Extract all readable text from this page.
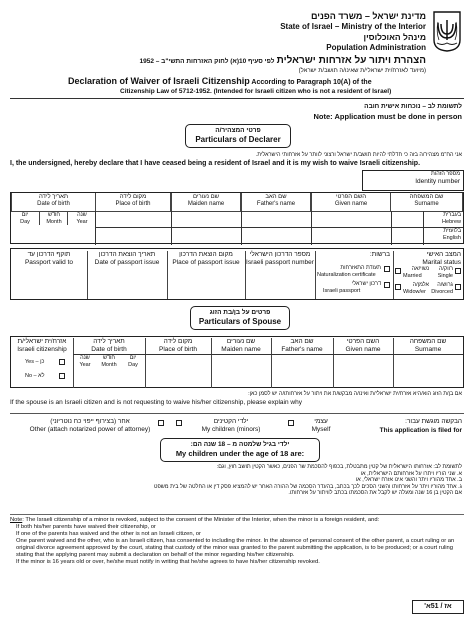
מדינת ישראל – משרד הפנים
State of Israel – Ministry of the Interior
מינהל האוכלוסין
Population Administration
הצהרת ויתור על אזרחות ישראלית לפי סעיף 10(א) לחוק האזרחות התשי"ב – 1952
(מיועד לאזרח/ית ישראלי/ת שאינו/ה תושב/ת ישראל)
Declaration of Waiver of Israeli Citizenship According to Paragraph 10(A) of the
Citizenship Law of 5712-1952. (Intended for Israeli citizen who is not a resident of Israel)
לתשומת לב – נוכחות אישית חובה
Note: Application must be done in person
פרטי המצהיר/ה
Particulars of Declarer
אני הח"מ מצהיר/ה בזה כי חדלתי להיות תושב/ת ישראל ורצוני לוותר על אזרחותי הישראלית.
I, the undersigned, hereby declare that I have ceased being a resident of Israel and it is my wish to waive Israeli citizenship.
מספר הזהות
Identity number
שם המשפחה
Surname
השם הפרטי
Given name
שם האב
Father's name
שם נעורים
Maiden name
מקום לידה
Place of birth
תאריך לידה
Date of birth
שנה
Year
חודש
Month
יום
Day
בעברית
Hebrew
בלועזית
English
תוקף הדרכון עד
Passport valid to
תאריך הוצאת הדרכון
Date of passport issue
מקום הוצאת הדרכון
Place of passport issue
מספר הדרכון הישראלי
Israeli passport number
ברשות:
תעודת התאזרחות
Naturalization certificate
דרכון ישראלי
Israeli passport
המצב האישי
Marital status
רווק/ה
Single
נשוי/אה
Married
גרוש/ה
Divorced
אלמן/ה
Widow/er
פרטים על בן/בת הזוג
Particulars of Spouse
אזרח/ית ישראלי/ת
Israeli citizenship
Yes – כן
No – לא
תאריך לידה
Date of birth
שנה
Year
חודש
Month
יום
Day
מקום לידה
Place of birth
שם נעורים
Maiden name
שם האב
Father's name
השם הפרטי
Given name
שם המשפחה
Surname
אם בן/ת הזוג הוא/היא אזרח/ית ישראלי/ת ואינו/ה מבקש/ת את ויתור על אזרחותו/ה יש לסמן כאן:
If the spouse is an Israeli citizen and is not requesting to waive his/her citizenship, please explain why
הבקשה מוגשת עבור:
This application is filed for
עצמי
Myself
ילדי הקטינים
My children (minors)
אחר (בצירוף ייפוי כח נוטריוני)
Other (attach notarized power of attorney)
ילדי בגיל שלמטה מ – 18 שנה הם:
My children under the age of 18 are:
לתשומת לב: אזרחותו הישראלית של קטין מתבטלת, בכפוף להסכמת שר הפנים, כאשר הקטין תושב חוץ, וגם:
א. שני הוריו ויתרו על אזרחותם הישראלית, או
ב. אחד מהוריו ויתר והשני אינו אזרח ישראלי, או
ג. אחד מהוריו ויתר על אזרחותו והשני הסכים לכך בכתב, בהעדר הסכמה של ההורה האחר יש להמציא פסק דין או החלטה של בית משפט
אם הקטין בן 16 שנה ומעלה יש לקבל את הסכמתו בכתב לוויתור על אזרחותו.
Note: The Israeli citizenship of a minor is revoked, subject to the consent of the Minister of the Interior, when the minor is a foreign resident, and:
If both his/her parents have waived their citizenship, or
If one of the parents has waived and the other is not an Israeli citizen, or
One parent waived and the other, who is an Israeli citizen, has consented to including the minor. In the absence of personal consent of the other parent, a court ruling or an original divorce agreement approved by the court, stating that custody of the minor was granted to the parent submitting the application, is to be produced; or a court ruling stating that the applying parent may submit a declaration on behalf of the minor regarding his/her citizenship.
If the minor is 16 years old or over, he/she must notify in writing that he/she agrees to have his/her citizenship revoked.
אז / 51א'
